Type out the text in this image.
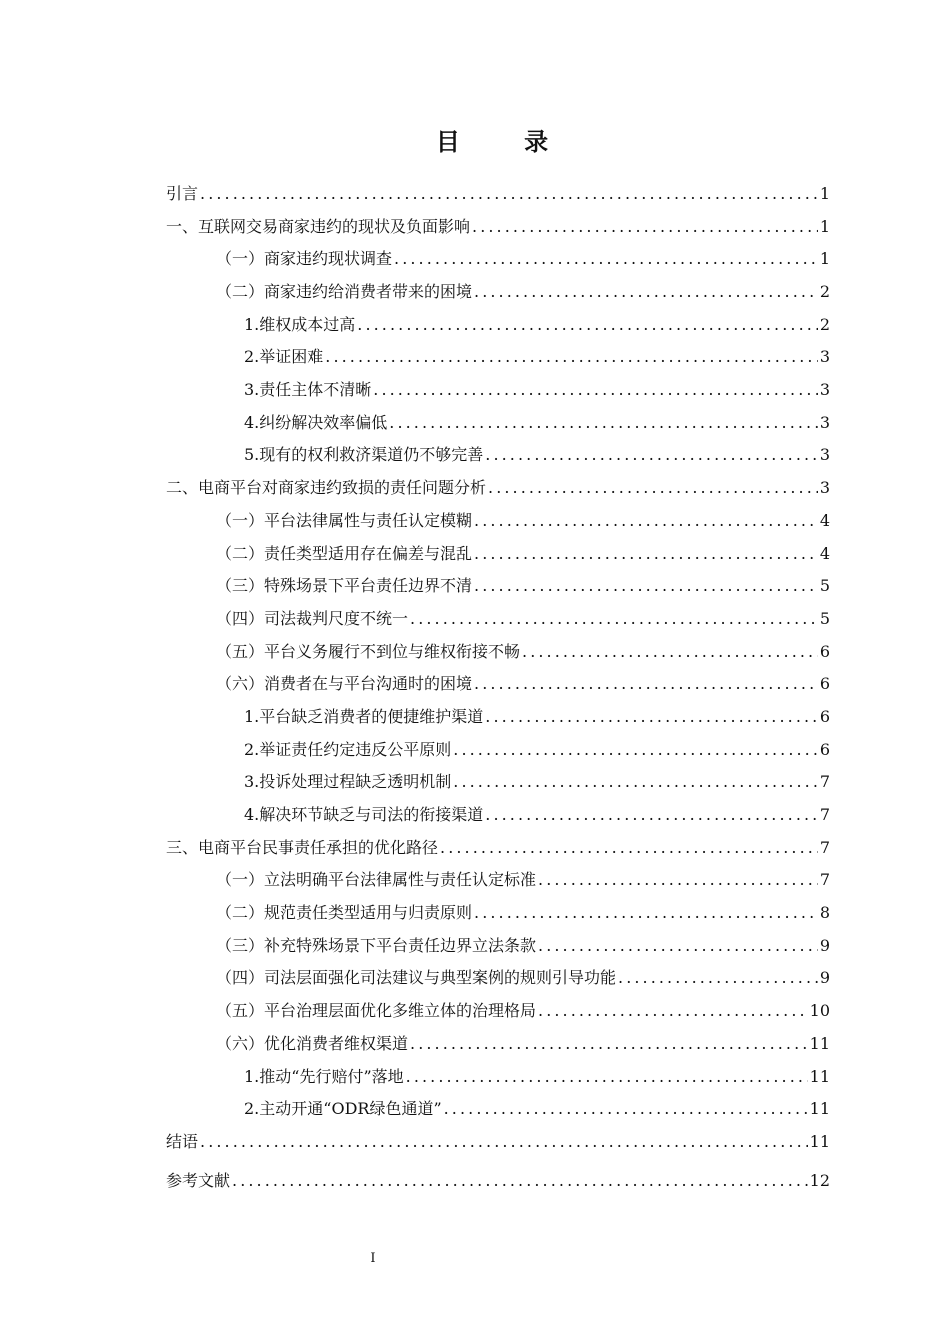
目 录
引言 . . .	1
一、互联网交易商家违约的现状及负面影响 . . .	1
（一）商家违约现状调查 . . .	1
（二）商家违约给消费者带来的困境 . . .	2
1.维权成本过高 . . .	2
2.举证困难 . . .	3
3.责任主体不清晰 . . .	3
4.纠纷解决效率偏低 . . .	3
5.现有的权利救济渠道仍不够完善 . . .	3
二、电商平台对商家违约致损的责任问题分析 . . .	3
（一）平台法律属性与责任认定模糊 . . .	4
（二）责任类型适用存在偏差与混乱 . . .	4
（三）特殊场景下平台责任边界不清 . . .	5
（四）司法裁判尺度不统一 . . .	5
（五）平台义务履行不到位与维权衔接不畅 . . .	6
（六）消费者在与平台沟通时的困境 . . .	6
1.平台缺乏消费者的便捷维护渠道 . . .	6
2.举证责任约定违反公平原则 . . .	6
3.投诉处理过程缺乏透明机制 . . .	7
4.解决环节缺乏与司法的衔接渠道 . . .	7
三、电商平台民事责任承担的优化路径 . . .	7
（一）立法明确平台法律属性与责任认定标准 . . .	7
（二）规范责任类型适用与归责原则 . . .	8
（三）补充特殊场景下平台责任边界立法条款 . . .	9
（四）司法层面强化司法建议与典型案例的规则引导功能 . . .	9
（五）平台治理层面优化多维立体的治理格局 . . .	10
（六）优化消费者维权渠道 . . .	11
1.推动“先行赔付”落地 . . .	11
2.主动开通“ODR绿色通道” . . .	11
结语 . . .	11
参考文献 . . .	12
I
